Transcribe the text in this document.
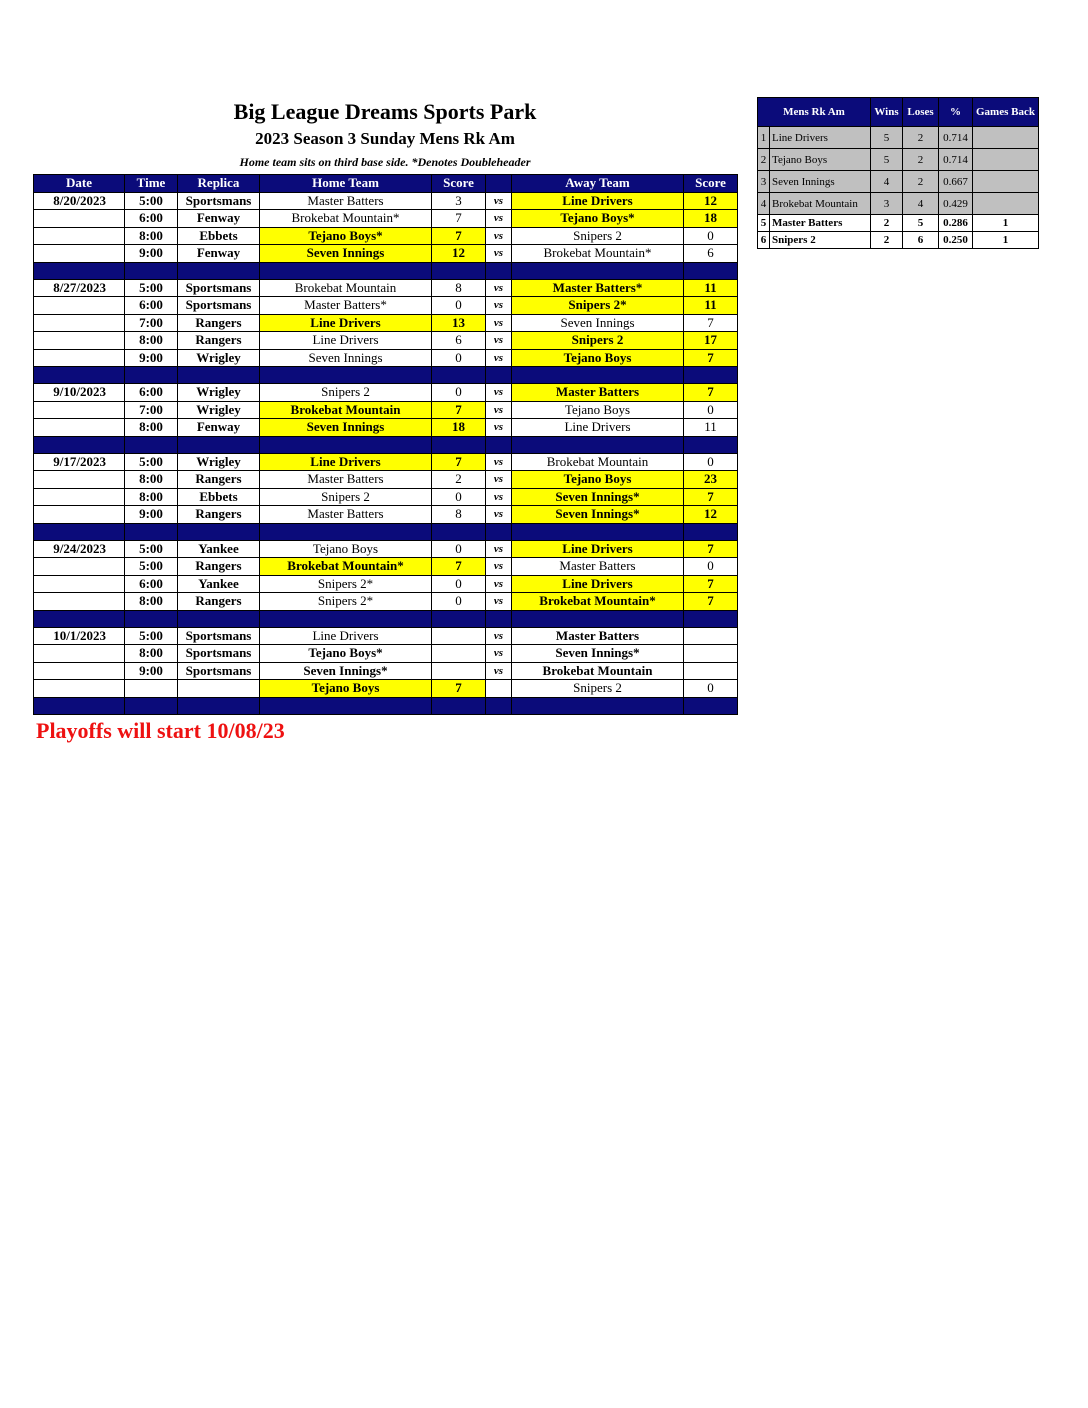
Big League Dreams Sports Park
2023 Season 3 Sunday Mens Rk Am
Home team sits on third base side. *Denotes Doubleheader
Date	Time	Replica	Home Team	Score		Away Team	Score
8/20/2023	5:00	Sportsmans	Master Batters	3	vs	Line Drivers	12
	6:00	Fenway	Brokebat Mountain*	7	vs	Tejano Boys*	18
	8:00	Ebbets	Tejano Boys*	7	vs	Snipers 2	0
	9:00	Fenway	Seven Innings	12	vs	Brokebat Mountain*	6

8/27/2023	5:00	Sportsmans	Brokebat Mountain	8	vs	Master Batters*	11
	6:00	Sportsmans	Master Batters*	0	vs	Snipers 2*	11
	7:00	Rangers	Line Drivers	13	vs	Seven Innings	7
	8:00	Rangers	Line Drivers	6	vs	Snipers 2	17
	9:00	Wrigley	Seven Innings	0	vs	Tejano Boys	7

9/10/2023	6:00	Wrigley	Snipers 2	0	vs	Master Batters	7
	7:00	Wrigley	Brokebat Mountain	7	vs	Tejano Boys	0
	8:00	Fenway	Seven Innings	18	vs	Line Drivers	11

9/17/2023	5:00	Wrigley	Line Drivers	7	vs	Brokebat Mountain	0
	8:00	Rangers	Master Batters	2	vs	Tejano Boys	23
	8:00	Ebbets	Snipers 2	0	vs	Seven Innings*	7
	9:00	Rangers	Master Batters	8	vs	Seven Innings*	12

9/24/2023	5:00	Yankee	Tejano Boys	0	vs	Line Drivers	7
	5:00	Rangers	Brokebat Mountain*	7	vs	Master Batters	0
	6:00	Yankee	Snipers 2*	0	vs	Line Drivers	7
	8:00	Rangers	Snipers 2*	0	vs	Brokebat Mountain*	7

10/1/2023	5:00	Sportsmans	Line Drivers		vs	Master Batters	
	8:00	Sportsmans	Tejano Boys*		vs	Seven Innings*	
	9:00	Sportsmans	Seven Innings*		vs	Brokebat Mountain	
			Tejano Boys	7		Snipers 2	0

Playoffs will start 10/08/23
Mens Rk Am		Wins	Loses	%	Games Back
1	Line Drivers	5	2	0.714	
2	Tejano Boys	5	2	0.714	
3	Seven Innings	4	2	0.667	
4	Brokebat Mountain	3	4	0.429	
5	Master Batters	2	5	0.286	1
6	Snipers 2	2	6	0.250	1
